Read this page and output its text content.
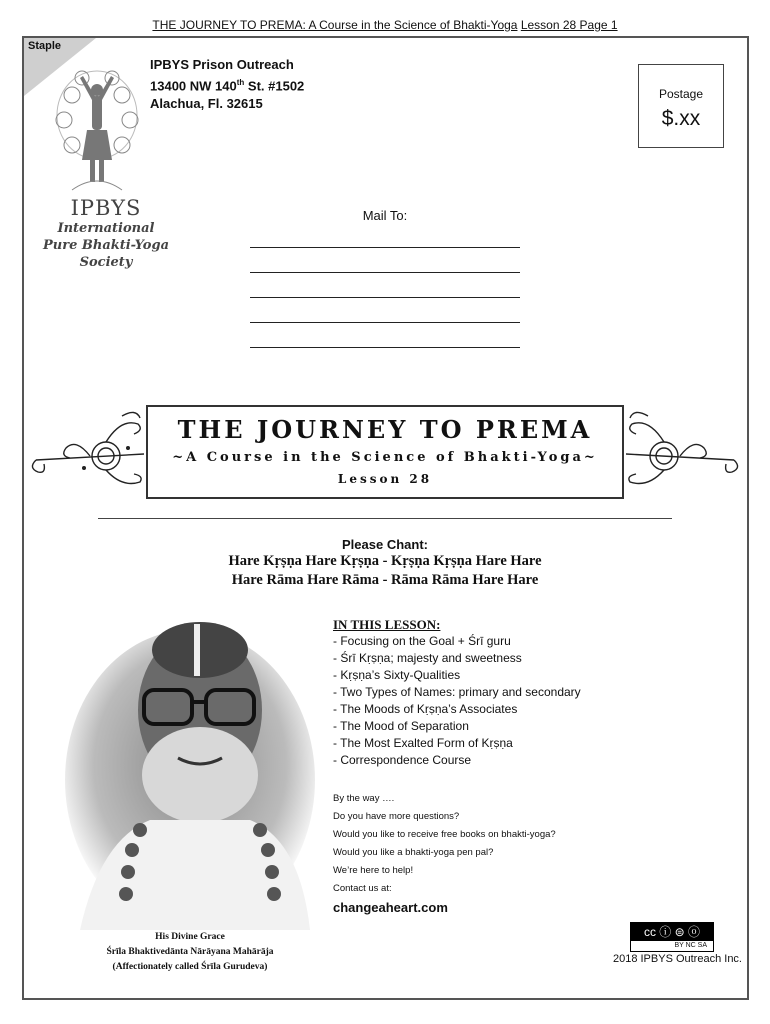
THE JOURNEY TO PREMA: A Course in the Science of Bhakti-Yoga Lesson 28 Page 1
Staple
IPBYS
International
Pure Bhakti-Yoga
Society
IPBYS Prison Outreach
13400 NW 140th St. #1502
Alachua, Fl. 32615
Postage
$.xx
Mail To:
THE JOURNEY TO PREMA
~A Course in the Science of Bhakti-Yoga~
Lesson 28
Please Chant:
Hare Kṛṣṇa Hare Kṛṣṇa - Kṛṣṇa Kṛṣṇa Hare Hare
Hare Rāma Hare Rāma - Rāma Rāma Hare Hare
IN THIS LESSON:
- Focusing on the Goal + Śrī guru
- Śrī Kṛṣṇa; majesty and sweetness
- Kṛṣṇa’s Sixty-Qualities
- Two Types of Names: primary and secondary
- The Moods of Kṛṣṇa’s Associates
- The Mood of Separation
- The Most Exalted Form of Kṛṣṇa
- Correspondence Course
By the way ….
Do you have more questions?
Would you like to receive free books on bhakti-yoga?
Would you like a bhakti-yoga pen pal?
We’re here to help!
Contact us at:
changeaheart.com
His Divine Grace
Śrīla Bhaktivedānta Nārāyana Mahārāja
(Affectionately called Śrīla Gurudeva)
cc ⓘ ⊜ ⓞ
BY NC SA
2018 IPBYS Outreach Inc.
